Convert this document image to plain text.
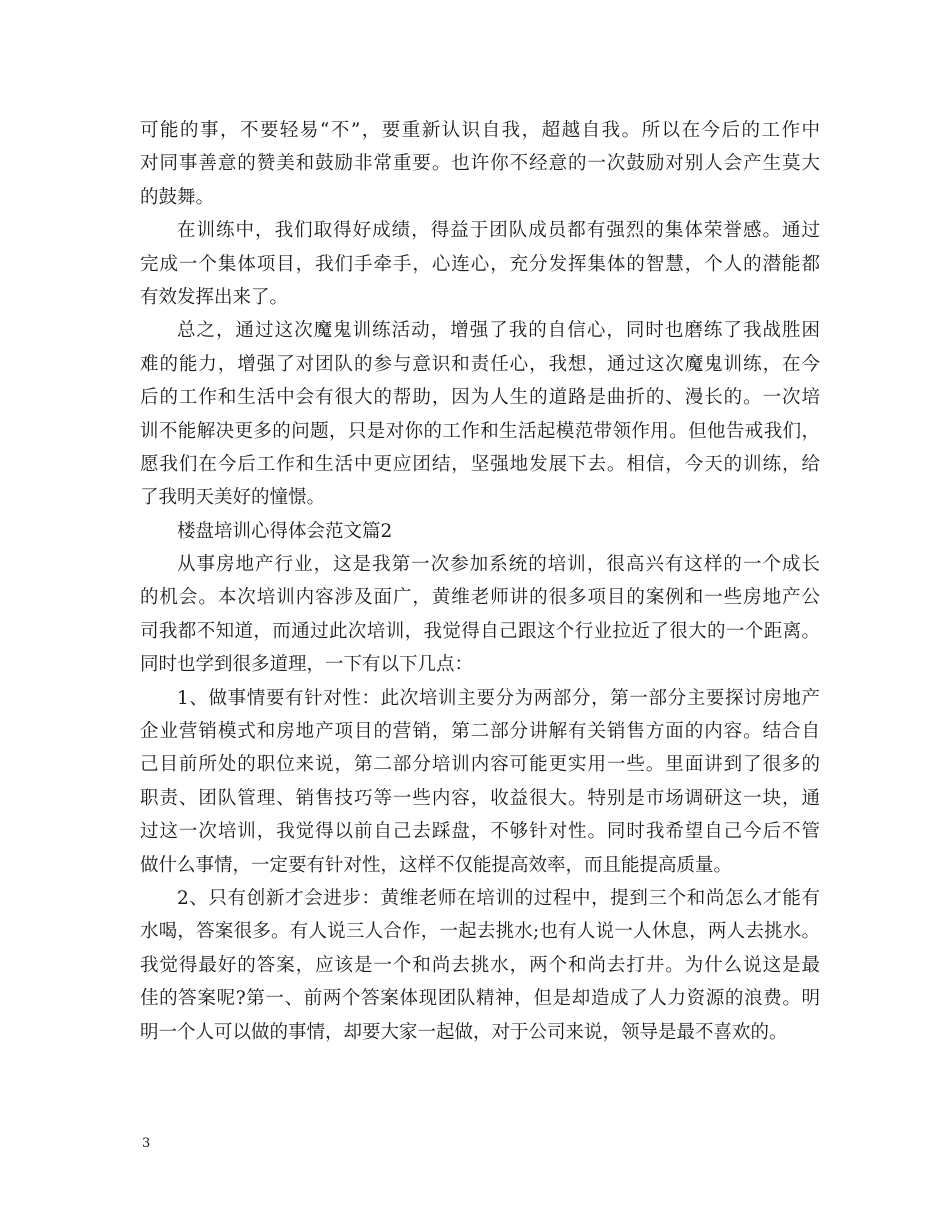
可能的事，不要轻易“不”，要重新认识自我，超越自我。所以在今后的工作中
对同事善意的赞美和鼓励非常重要。也许你不经意的一次鼓励对别人会产生莫大
的鼓舞。
在训练中，我们取得好成绩，得益于团队成员都有强烈的集体荣誉感。通过
完成一个集体项目，我们手牵手，心连心，充分发挥集体的智慧，个人的潜能都
有效发挥出来了。
总之，通过这次魔鬼训练活动，增强了我的自信心，同时也磨练了我战胜困
难的能力，增强了对团队的参与意识和责任心，我想，通过这次魔鬼训练，在今
后的工作和生活中会有很大的帮助，因为人生的道路是曲折的、漫长的。一次培
训不能解决更多的问题，只是对你的工作和生活起模范带领作用。但他告戒我们，
愿我们在今后工作和生活中更应团结，坚强地发展下去。相信，今天的训练，给
了我明天美好的憧憬。
楼盘培训心得体会范文篇2
从事房地产行业，这是我第一次参加系统的培训，很高兴有这样的一个成长
的机会。本次培训内容涉及面广，黄维老师讲的很多项目的案例和一些房地产公
司我都不知道，而通过此次培训，我觉得自己跟这个行业拉近了很大的一个距离。
同时也学到很多道理，一下有以下几点：
1、做事情要有针对性：此次培训主要分为两部分，第一部分主要探讨房地产
企业营销模式和房地产项目的营销，第二部分讲解有关销售方面的内容。结合自
己目前所处的职位来说，第二部分培训内容可能更实用一些。里面讲到了很多的
职责、团队管理、销售技巧等一些内容，收益很大。特别是市场调研这一块，通
过这一次培训，我觉得以前自己去踩盘，不够针对性。同时我希望自己今后不管
做什么事情，一定要有针对性，这样不仅能提高效率，而且能提高质量。
2、只有创新才会进步：黄维老师在培训的过程中，提到三个和尚怎么才能有
水喝，答案很多。有人说三人合作，一起去挑水;也有人说一人休息，两人去挑水。
我觉得最好的答案，应该是一个和尚去挑水，两个和尚去打井。为什么说这是最
佳的答案呢?第一、前两个答案体现团队精神，但是却造成了人力资源的浪费。明
明一个人可以做的事情，却要大家一起做，对于公司来说，领导是最不喜欢的。
3
